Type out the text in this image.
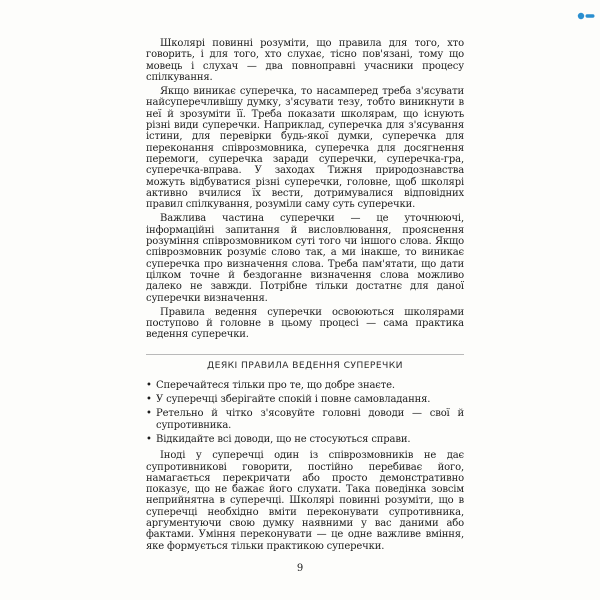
Школярі повинні розуміти, що правила для того, хто говорить, і для того, хто слухає, тісно пов'язані, тому що мовець і слухач — два повноправні учасники процесу спілкування.

Якщо виникає суперечка, то насамперед треба з'ясувати найсуперечливішу думку, з'ясувати тезу, тобто виникнути в неї й зрозуміти її. Треба показати школярам, що існують різні види суперечки. Наприклад, суперечка для з'ясування істини, для перевірки будь-якої думки, суперечка для переконання співрозмовника, суперечка для досягнення перемоги, суперечка заради суперечки, суперечка-гра, суперечка-вправа. У заходах Тижня природознавства можуть відбуватися різні суперечки, головне, щоб школярі активно вчилися їх вести, дотримувалися відповідних правил спілкування, розуміли саму суть суперечки.

Важлива частина суперечки — це уточнюючі, інформаційні запитання й висловлювання, прояснення розуміння співрозмовником суті того чи іншого слова. Якщо співрозмовник розуміє слово так, а ми інакше, то виникає суперечка про визначення слова. Треба пам'ятати, що дати цілком точне й бездоганне визначення слова можливо далеко не завжди. Потрібне тільки достатнє для даної суперечки визначення.

Правила ведення суперечки освоюються школярами поступово й головне в цьому процесі — сама практика ведення суперечки.

ДЕЯКІ ПРАВИЛА ВЕДЕННЯ СУПЕРЕЧКИ
• Сперечайтеся тільки про те, що добре знаєте.
• У суперечці зберігайте спокій і повне самовладання.
• Ретельно й чітко з'ясовуйте головні доводи — свої й супротивника.
• Відкидайте всі доводи, що не стосуються справи.

Іноді у суперечці один із співрозмовників не дає супротивникові говорити, постійно перебиває його, намагається перекричати або просто демонстративно показує, що не бажає його слухати. Така поведінка зовсім неприйнятна в суперечці. Школярі повинні розуміти, що в суперечці необхідно вміти переконувати супротивника, аргументуючи свою думку наявними у вас даними або фактами. Уміння переконувати — це одне важливе вміння, яке формується тільки практикою суперечки.

9
